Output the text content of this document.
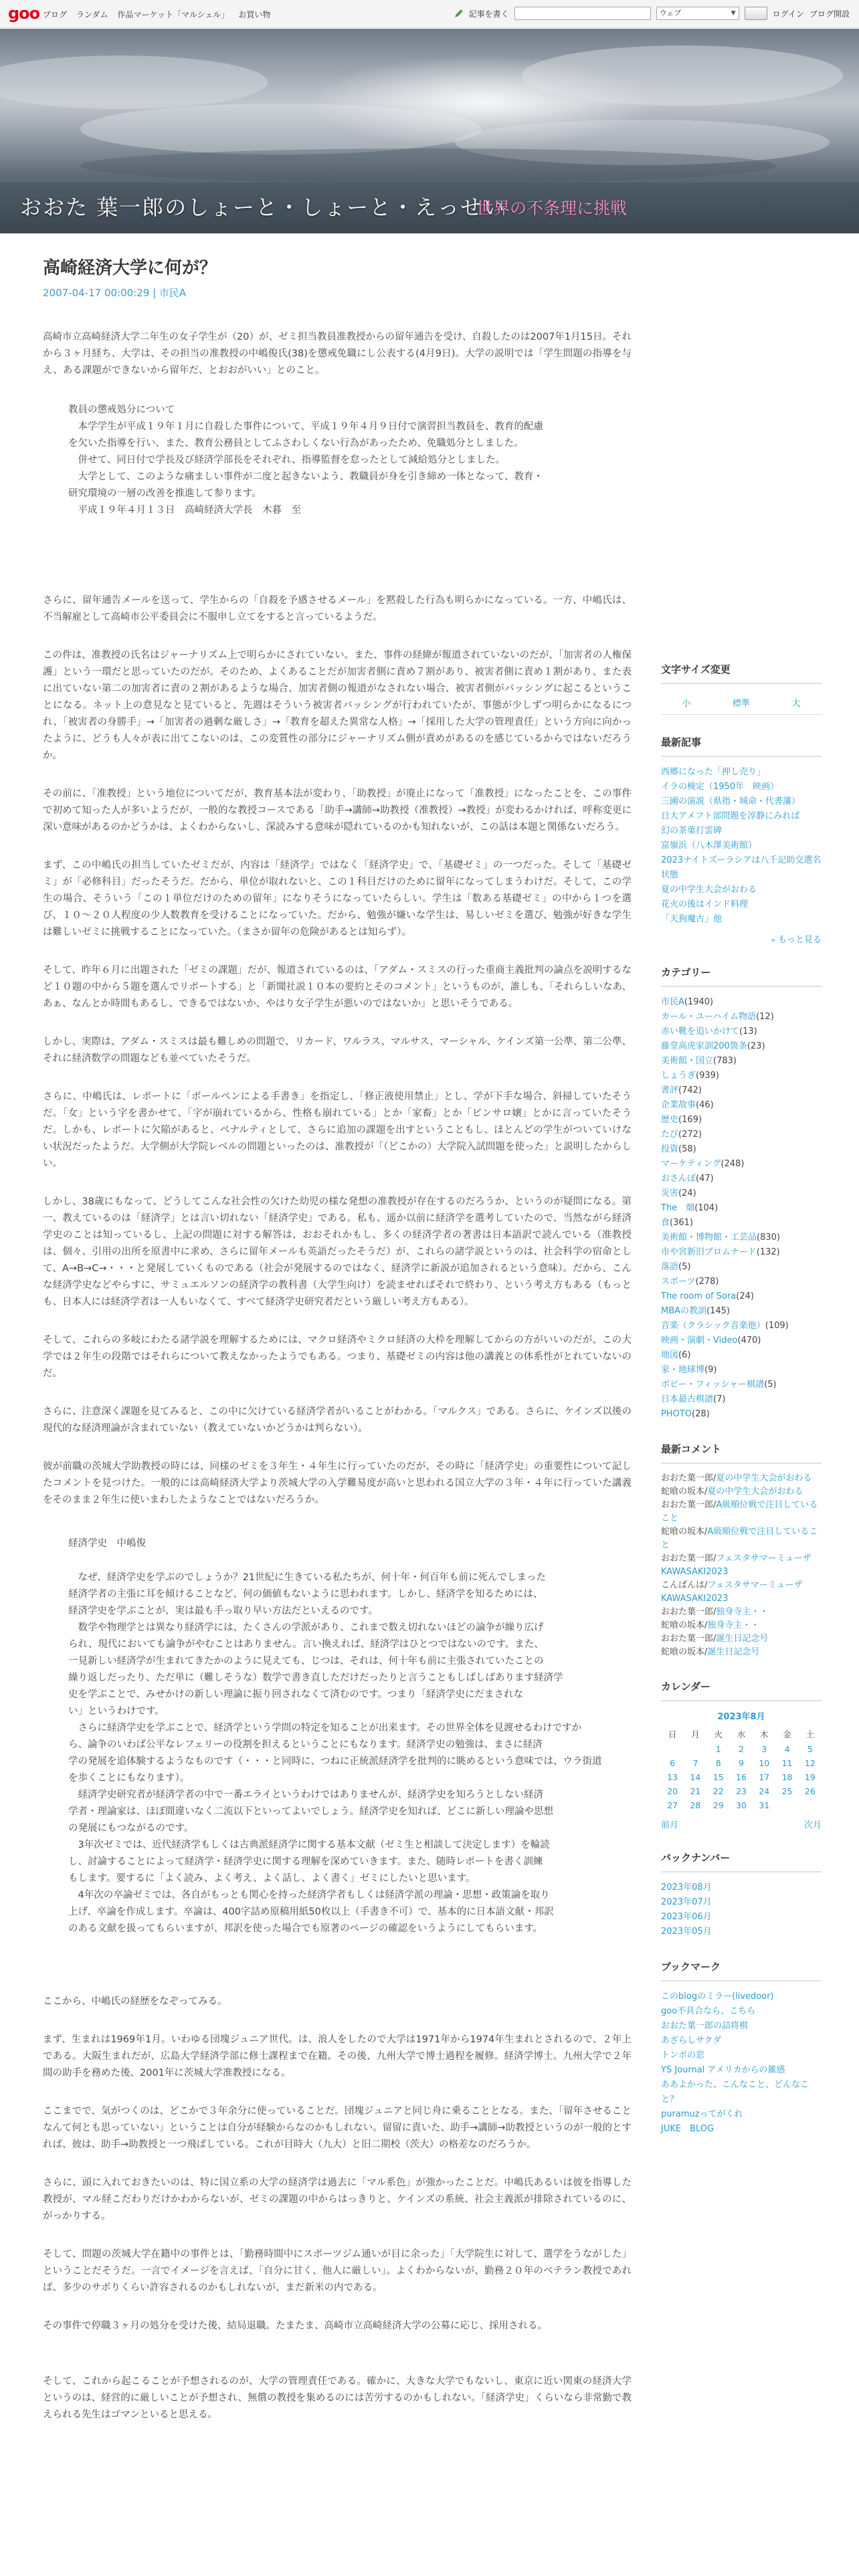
goo ブログ ランダム 作品マーケット「マルシェル」 お買い物	記事を書く	ウェブ	▼	ログイン ブログ開設
おおた 葉一郎のしょーと・しょーと・えっせい
世界の不条理に挑戦
高崎経済大学に何が？
2007-04-17 00:00:29 | 市民A

高崎市立高崎経済大学二年生の女子学生が（20）が、ゼミ担当教員准教授からの留年通告を受け、自殺したのは2007年1月15日。それから３ヶ月経ち、大学は、その担当の准教授の中嶋俊氏(38)を懲戒免職にし公表する(4月9日)。大学の説明では「学生問題の指導を与え、ある課題ができないから留年だ、とおおがいい」とのこと。

教員の懲戒処分について
　本学学生が平成１９年１月に自殺した事件について、平成１９年４月９日付で演習担当教員を、教育的配慮
を欠いた指導を行い、また、教育公務員としてふさわしくない行為があったため、免職処分としました。
　併せて、同日付で学長及び経済学部長をそれぞれ、指導監督を怠ったとして減給処分としました。
　大学として、このような痛ましい事件が二度と起きないよう、教職員が身を引き締め一体となって、教育・
研究環境の一層の改善を推進して参ります。
　平成１９年４月１３日　高崎経済大学長　木暮　至

さらに、留年通告メールを送って、学生からの「自殺を予感させるメール」を黙殺した行為も明らかになっている。一方、中嶋氏は、不当解雇として高崎市公平委員会に不服申し立てをすると言っているようだ。

この件は、准教授の氏名はジャーナリズム上で明らかにされていない。また、事件の経緯が報道されていないのだが、「加害者の人権保護」という一環だと思っていたのだが。そのため、よくあることだが加害者側に責め７割があり、被害者側に責め１割があり、また表に出ていない第二の加害者に責の２割があるような場合、加害者側の報道がなされない場合、被害者側がバッシングに起こるということになる。ネット上の意見なと見ていると、先週はそういう被害者バッシングが行われていたが、事態が少しずつ明らかになるにつれ、「被害者の身勝手」→「加害者の過剰な厳しさ」→「教育を超えた異常な人格」→「採用した大学の管理責任」という方向に向かったように、どうも人々が表に出てこないのは、この変質性の部分にジャーナリズム側が責めがあるのを感じているからではないだろうか。

その前に、「准教授」という地位についてだが、教育基本法が変わり、「助教授」が廃止になって「准教授」になったことを、この事件で初めて知った人が多いようだが、一般的な教授コースである「助手→講師→助教授（准教授）→教授」が変わるかければ、呼称変更に深い意味があるのかどうかは、よくわからないし、深読みする意味が隠れているのかも知れないが、この話は本題と関係ないだろう。

まず、この中嶋氏の担当していたゼミだが、内容は「経済学」ではなく「経済学史」で、「基礎ゼミ」の一つだった。そして「基礎ゼミ」が「必修科目」だったそうだ。だから、単位が取れないと、この１科目だけのために留年になってしまうわけだ。そして、この学生の場合、そういう「この１単位だけのための留年」になりそうになっていたらしい。学生は「数ある基礎ゼミ」の中から１つを選び、１０〜２０人程度の少人数教育を受けることになっていた。だから、勉強が嫌いな学生は、易しいゼミを選び、勉強が好きな学生は難しいゼミに挑戦することになっていた。（まさか留年の危険があるとは知らず）。

そして、昨年６月に出題された「ゼミの課題」だが、報道されているのは、「アダム・スミスの行った重商主義批判の論点を説明するなど１０題の中から５題を選んでリポートする」と「新聞社説１０本の要約とそのコメント」というものが、誰しも、「それらしいなあ、あぁ、なんとか時間もあるし、できるではないか、やはり女子学生が悪いのではないか」と思いそうである。

しかし、実際は、アダム・スミスは最も難しめの問題で、リカード、ワルラス、マルサス、マーシャル、ケインズ第一公準、第二公準、それに経済数学の問題なども並べていたそうだ。

さらに、中嶋氏は、レポートに「ボールペンによる手書き」を指定し、「修正液使用禁止」とし、学が下手な場合、斜掃していたそうだ。「女」という字を書かせて、「字が崩れているから、性格も崩れている」とか「家畜」とか「ピンサロ嬢」とかに言っていたそうだ。しかも、レポートに欠陥があると、ペナルティとして、さらに追加の課題を出すということもし、ほとんどの学生がついていけない状況だったようだ。大学側が大学院レベルの問題といったのは、准教授が「（どこかの）大学院入試問題を使った」と説明したからしい。

しかし、38歳にもなって、どうしてこんな社会性の欠けた幼児の様な発想の准教授が存在するのだろうか、というのが疑問になる。第一、教えているのは「経済学」とは言い切れない「経済学史」である。私も、遥か以前に経済学を選考していたので、当然ながら経済学史のことは知っているし、上記の問題に対する解答は、おおそれかもし、多くの経済学者の著書は日本語訳で読んでいる（准教授は、個々、引用の出所を原書中に求め、さらに留年メールも英語だったそうだ）が、これらの諸学説というのは、社会科学の宿命として、A→B→C→・・・と発展していくものである（社会が発展するのではなく、経済学に新説が追加されるという意味）。だから、こんな経済学史などやらすに、サミュエルソンの経済学の教科書（大学生向け）を読ませればそれで終わり、という考え方もある（もっとも、日本人には経済学者は一人もいなくて、すべて経済学史研究者だという厳しい考え方もある）。

そして、これらの多岐にわたる諸学説を理解するためには、マクロ経済やミクロ経済の大枠を理解してからの方がいいのだが、この大学では２年生の段階ではそれらについて教えなかったようでもある。つまり、基礎ゼミの内容は他の講義との体系性がとれていないのだ。

さらに、注意深く課題を見てみると、この中に欠けている経済学者がいることがわかる。「マルクス」である。さらに、ケインズ以後の現代的な経済理論が含まれていない（教えていないかどうかは判らない）。

彼が前職の茨城大学助教授の時には、同様のゼミを３年生・４年生に行っていたのだが、その時に「経済学史」の重要性について記したコメントを見つけた。一般的には高崎経済大学より茨城大学の入学難易度が高いと思われる国立大学の３年・４年に行っていた講義をそのまま２年生に使いまわしたようなことではないだろうか。

経済学史　中嶋俊
　なぜ、経済学史を学ぶのでしょうか？21世紀に生きている私たちが、何十年・何百年も前に死んでしまった
経済学者の主張に耳を傾けることなど、何の価値もないように思われます。しかし、経済学を知るためには、
経済学史を学ぶことが、実は最も手っ取り早い方法だといえるのです。
　数学や物理学とは異なり経済学には、たくさんの学派があり、これまで数え切れないほどの論争が繰り広げ
られ、現代においても論争がやむことはありません。言い換えれば、経済学はひとつではないのです。また、
一見新しい経済学が生まれてきたかのように見えても、じつは、それは、何十年も前に主張されていたことの
繰り返しだったり、ただ単に（難しそうな）数学で書き直しただけだったりと言うこともしばしばあります経済学
史を学ぶことで、みせかけの新しい理論に振り回されなくて済むのです。つまり「経済学史にだまされな
い」というわけです。
　さらに経済学史を学ぶことで、経済学という学問の特定を知ることが出来ます。その世界全体を見渡せるわけですか
ら、論争のいわば公平なレフェリーの役割を担えるということにもなります。経済学史の勉強は、まさに経済
学の発展を追体験するようなものです（・・・と同時に、つねに正統派経済学を批判的に眺めるという意味では、ウラ街道
を歩くことにもなります）。
　経済学史研究者が経済学者の中で一番エライというわけではありませんが、経済学史を知ろうとしない経済
学者・理論家は、ほぼ間違いなく二流以下といってよいでしょう。経済学史を知れば、どこに新しい理論や思想
の発展にもつながるのです。
　3年次ゼミでは、近代経済学もしくは古典派経済学に関する基本文献（ゼミ生と相談して決定します）を輪読
し、討論することによって経済学・経済学史に関する理解を深めていきます。また、随時レポートを書く訓練
もします。要するに「よく読み、よく考え、よく話し、よく書く」ゼミにしたいと思います。
　4年次の卒論ゼミでは、各自がもっとも関心を持った経済学者もしくは経済学派の理論・思想・政策論を取り
上げ、卒論を作成します。卒論は、400字詰め原稿用紙50枚以上（手書き不可）で、基本的に日本語文献・邦訳
のある文献を扱ってもらいますが、邦訳を使った場合でも原著のページの確認をいうようにしてもらいます。

ここから、中嶋氏の経歴をなぞってみる。

まず、生まれは1969年1月。いわゆる団塊ジュニア世代。は、浪人をしたので大学は1971年から1974年生まれとされるので、２年上である。大阪生まれだが、広島大学経済学部に修士課程まで在籍。その後、九州大学で博士過程を履修。経済学博士。九州大学で２年間の助手を務めた後、2001年に茨城大学准教授になる。

ここまでで、気がつくのは、どこかで３年余分に使っていることだ。団塊ジュニアと同じ舟に乗ることとなる。また、「留年させることなんて何とも思っていない」ということは自分が経験からなのかもしれない。留留に責いた、助手→講師→助教授というのが一般的とすれば、彼は、助手→助教授と一つ飛ばしている。これが目時大（九大）と旧二期校（茨大）の格差なのだろうか。

さらに、頭に入れておきたいのは、特に国立系の大学の経済学は過去に「マル系色」が強かったことだ。中嶋氏あるいは彼を指導した教授が、マル経こだわりだけかわからないが、ゼミの課題の中からはっきりと、ケインズの系統、社会主義派が排除されているのに、がっかりする。

そして、問題の茨城大学在籍中の事件とは、「勤務時間中にスポーツジム通いが目に余った」「大学院生に対して、選学をうながした」ということだそうだ。一言でイメージを言えば、「自分に甘く、他人に厳しい」。よくわからないが、勤務２０年のベテラン教授であれば、多少のサボりくらい許容されるのかもしれないが、まだ新米の内である。

その事件で停職３ヶ月の処分を受けた後、結局退職。たまたま、高崎市立高崎経済大学の公募に応じ、採用される。

そして、これから起こることが予想されるのが、大学の管理責任である。確かに、大きな大学でもないし、東京に近い関東の経済大学というのは、経営的に厳しいことが予想され、無償の教授を集めるのには苦労するのかもしれない。「経済学史」くらいなら非常勤で教えられる先生はゴマンといると思える。

文字サイズ変更
小	標準	大
最新記事
西郷になった「押し売り」
イラの検定（1950年　映画）
三圃の演説（県指・城命・代書藩）
日大アメフト部問題を淳静にみれば
幻の茶菓打雲碑
富嶺浜（八木澤美術館）
2023ナイトズーラシアは八千記助交選名状態
夏の中学生大会がおわる
花火の後はインド料理
「天狗魔古」他
» もっと見る
カテゴリー
市民A(1940)
カール・ユーハイム物語(12)
赤い靴を追いかけて(13)
藤堂高虎家訓200箇条(23)
美術館・国立(783)
しょうぎ(939)
書評(742)
企業故事(46)
歴史(169)
たび(272)
投資(58)
マーケティング(248)
おさんぽ(47)
災害(24)
The　畑(104)
食(361)
美術館・博物館・工芸品(830)
市や宮新旧ブロムナード(132)
落語(5)
スポーツ(278)
The room of Sora(24)
MBAの教訓(145)
音楽（クラシック音楽他）(109)
映画・演劇・Video(470)
地図(6)
家・地球博(9)
ボビー・フィッシャー棋譜(5)
日本最古棋譜(7)
PHOTO(28)
最新コメント
おおた葉一郎/夏の中学生大会がおわる
蛇喰の坂本/夏の中学生大会がおわる
おおた葉一郎/A級順位戦で注目していること
蛇喰の坂本/A級順位戦で注目していること
おおた葉一郎/フェスタサマーミューザKAWASAKI2023
こんばんは/フェスタサマーミューザKAWASAKI2023
おおた葉一郎/独身寺主・・
蛇喰の坂本/独身寺主・・
おおた葉一郎/誕生日記念号
蛇喰の坂本/誕生日記念号
カレンダー
2023年8月
日	月	火	水	木	金	土
		1	2	3	4	5
6	7	8	9	10	11	12
13	14	15	16	17	18	19
20	21	22	23	24	25	26
27	28	29	30	31		
前月	次月
バックナンバー
2023年08月
2023年07月
2023年06月
2023年05月
ブックマーク
このblogのミラー(livedoor)
goo不具合なら、こちら
おおた葉一郎の詰将棋
あざらしサクダ
トンボの窓
YS Journal アメリカからの雑感
ああよかった、こんなこと、どんなこと？
puramuzってがくれ
JUKE　BLOG
